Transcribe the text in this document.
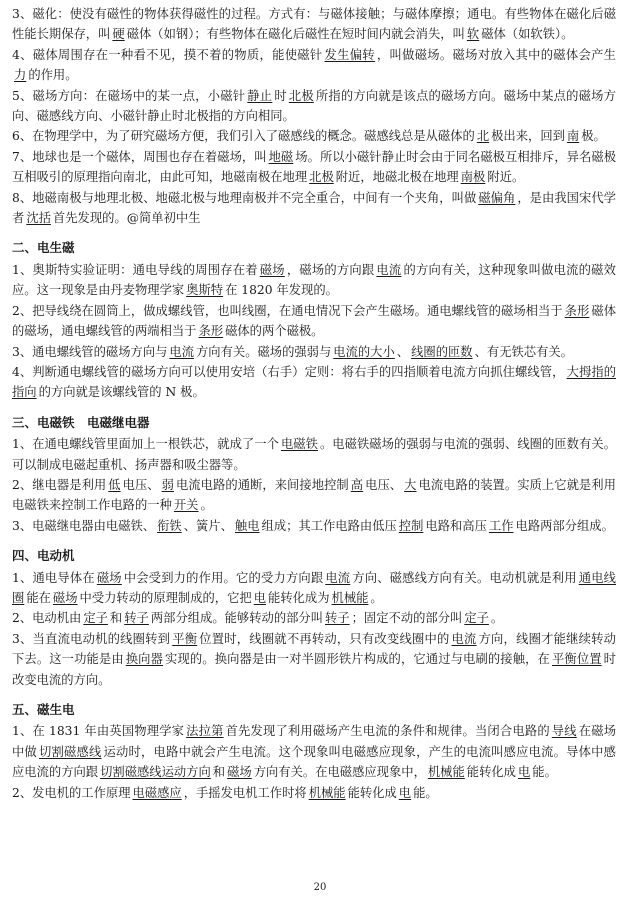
3、磁化：使没有磁性的物体获得磁性的过程。方式有：与磁体接触；与磁体摩擦；通电。有些物体在磁化后磁性能长期保存，叫 硬 磁体（如钢）；有些物体在磁化后磁性在短时间内就会消失，叫 软 磁体（如软铁）。

4、磁体周围存在一种看不见，摸不着的物质，能使磁针 发生偏转 ，叫做磁场。磁场对放入其中的磁体会产生力 的作用。

5、磁场方向：在磁场中的某一点，小磁针 静止 时 北极 所指的方向就是该点的磁场方向。磁场中某点的磁场方向、磁感线方向、小磁针静止时北极指的方向相同。

6、在物理学中，为了研究磁场方便，我们引入了磁感线的概念。磁感线总是从磁体的 北 极出来，回到 南 极。

7、地球也是一个磁体，周围也存在着磁场，叫 地磁 场。所以小磁针静止时会由于同名磁极互相排斥，异名磁极互相吸引的原理指向南北，由此可知，地磁南极在地理 北极 附近，地磁北极在地理 南极 附近。

8、地磁南极与地理北极、地磁北极与地理南极并不完全重合，中间有一个夹角，叫做 磁偏角 ，是由我国宋代学者 沈括 首先发现的。@简单初中生

二、电生磁

1、奥斯特实验证明：通电导线的周围存在着 磁场 ，磁场的方向跟 电流 的方向有关，这种现象叫做电流的磁效应。这一现象是由丹麦物理学家 奥斯特 在 1820 年发现的。

2、把导线绕在圆筒上，做成螺线管，也叫线圈，在通电情况下会产生磁场。通电螺线管的磁场相当于 条形 磁体的磁场，通电螺线管的两端相当于 条形 磁体的两个磁极。

3、通电螺线管的磁场方向与 电流 方向有关。磁场的强弱与 电流的大小 、 线圈的匝数 、有无铁芯有关。

4、判断通电螺线管的磁场方向可以使用安培（右手）定则：将右手的四指顺着电流方向抓住螺线管， 大拇指的指向 的方向就是该螺线管的 N 极。

三、电磁铁　电磁继电器

1、在通电螺线管里面加上一根铁芯，就成了一个 电磁铁 。电磁铁磁场的强弱与电流的强弱、线圈的匝数有关。可以制成电磁起重机、扬声器和吸尘器等。

2、继电器是利用 低 电压、 弱 电流电路的通断，来间接地控制 高 电压、 大 电流电路的装置。实质上它就是利用电磁铁来控制工作电路的一种 开关 。

3、电磁继电器由电磁铁、 衔铁 、簧片、 触电 组成；其工作电路由低压 控制 电路和高压 工作 电路两部分组成。

四、电动机

1、通电导体在 磁场 中会受到力的作用。它的受力方向跟 电流 方向、磁感线方向有关。电动机就是利用 通电线圈 能在 磁场 中受力转动的原理制成的，它把 电 能转化成为 机械能 。

2、电动机由 定子 和 转子 两部分组成。能够转动的部分叫 转子 ；固定不动的部分叫 定子 。

3、当直流电动机的线圈转到 平衡 位置时，线圈就不再转动，只有改变线圈中的 电流 方向，线圈才能继续转动下去。这一功能是由 换向器 实现的。换向器是由一对半圆形铁片构成的，它通过与电刷的接触，在 平衡位置 时改变电流的方向。

五、磁生电

1、在 1831 年由英国物理学家 法拉第 首先发现了利用磁场产生电流的条件和规律。当闭合电路的 导线 在磁场中做 切割磁感线 运动时，电路中就会产生电流。这个现象叫电磁感应现象，产生的电流叫感应电流。导体中感应电流的方向跟 切割磁感线运动方向 和 磁场 方向有关。在电磁感应现象中， 机械能 能转化成 电 能。

2、发电机的工作原理 电磁感应 ，手摇发电机工作时将 机械能 能转化成 电 能。

20
